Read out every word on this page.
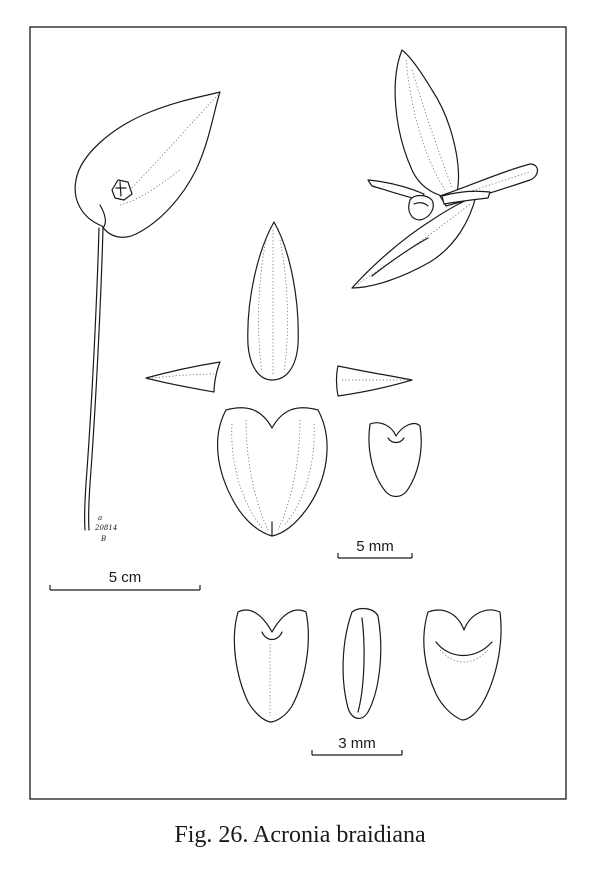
a
20814
B
5 cm
5 mm
3 mm
Fig. 26. Acronia braidiana
